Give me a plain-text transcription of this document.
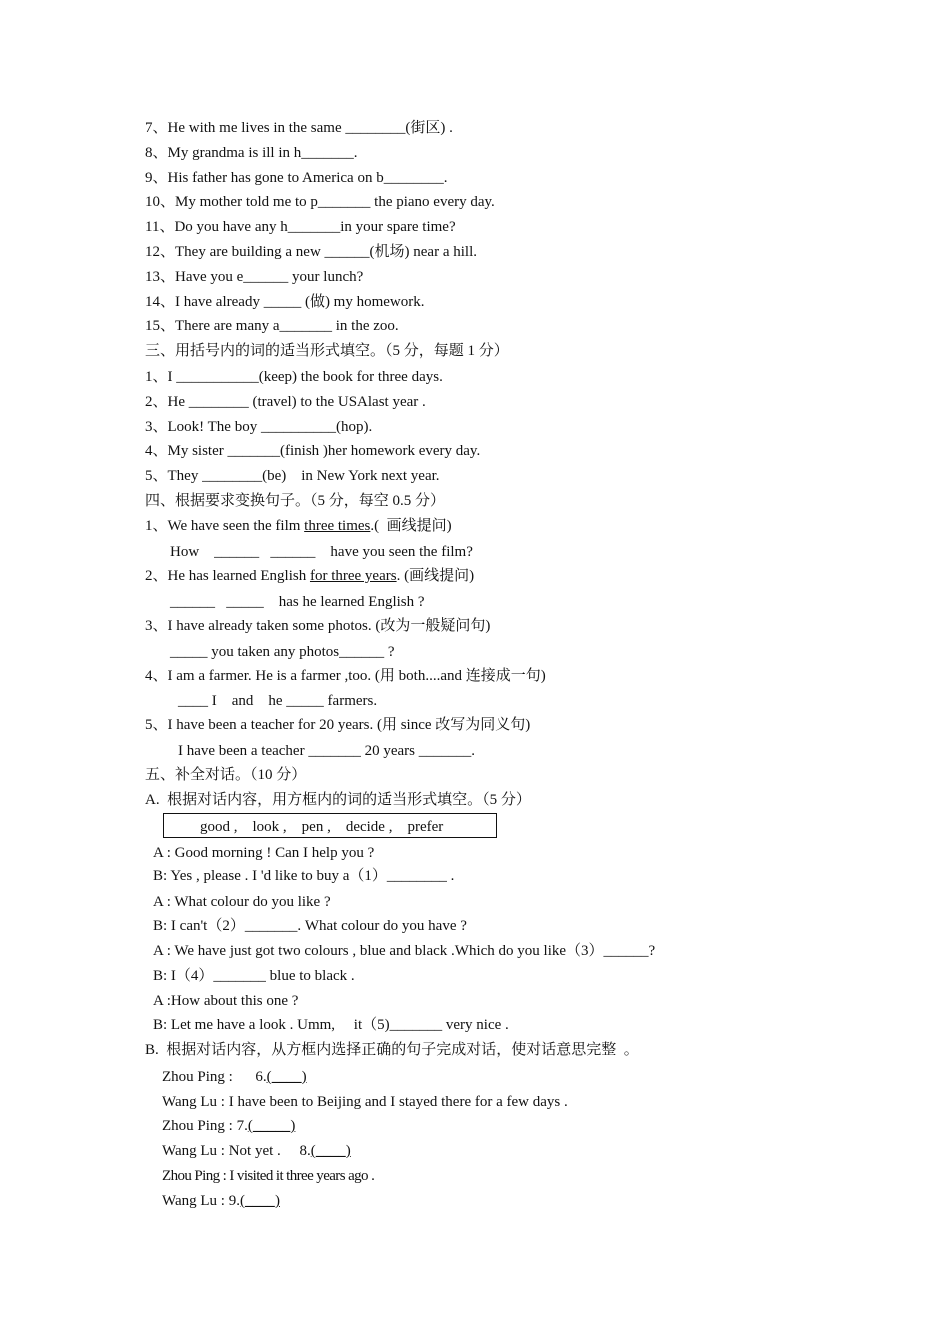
7、He with me lives in the same ________(街区) .
8、My grandma is ill in h_______.
9、His father has gone to America on b________.
10、My mother told me to p_______ the piano every day.
11、Do you have any h_______in your spare time?
12、They are building a new ______(机场) near a hill.
13、Have you e______ your lunch?
14、I have already _____ (做) my homework.
15、There are many a_______ in the zoo.
三、用括号内的词的适当形式填空。（5 分，每题 1 分）
1、I ___________(keep) the book for three days.
2、He ________ (travel) to the USAlast year .
3、Look! The boy __________(hop).
4、My sister _______(finish )her homework every day.
5、They ________(be)    in New York next year.
四、根据要求变换句子。（5 分，每空 0.5 分）
1、We have seen the film three times.(  画线提问)
How    ______   ______    have you seen the film?
2、He has learned English for three years. (画线提问)
______   _____    has he learned English ?
3、I have already taken some photos. (改为一般疑问句)
_____ you taken any photos______ ?
4、I am a farmer. He is a farmer ,too. (用 both....and 连接成一句)
____ I    and    he _____ farmers.
5、I have been a teacher for 20 years. (用 since 改写为同义句)
I have been a teacher _______ 20 years _______.
五、补全对话。（10 分）
A.  根据对话内容，用方框内的词的适当形式填空。（5 分）
good ,    look ,    pen ,    decide ,    prefer
A : Good morning ! Can I help you ?
B: Yes , please . I 'd like to buy a（1）________ .
A : What colour do you like ?
B: I can't（2）_______. What colour do you have ?
A : We have just got two colours , blue and black .Which do you like（3）______?
B: I（4）_______ blue to black .
A :How about this one ?
B: Let me have a look . Umm,     it（5)_______ very nice .
B.  根据对话内容，从方框内选择正确的句子完成对话，使对话意思完整  。
Zhou Ping :      6.(____)
Wang Lu : I have been to Beijing and I stayed there for a few days .
Zhou Ping : 7.(_____)
Wang Lu : Not yet .     8.(____)
Zhou Ping : I visited it three years ago .
Wang Lu : 9.(____)
